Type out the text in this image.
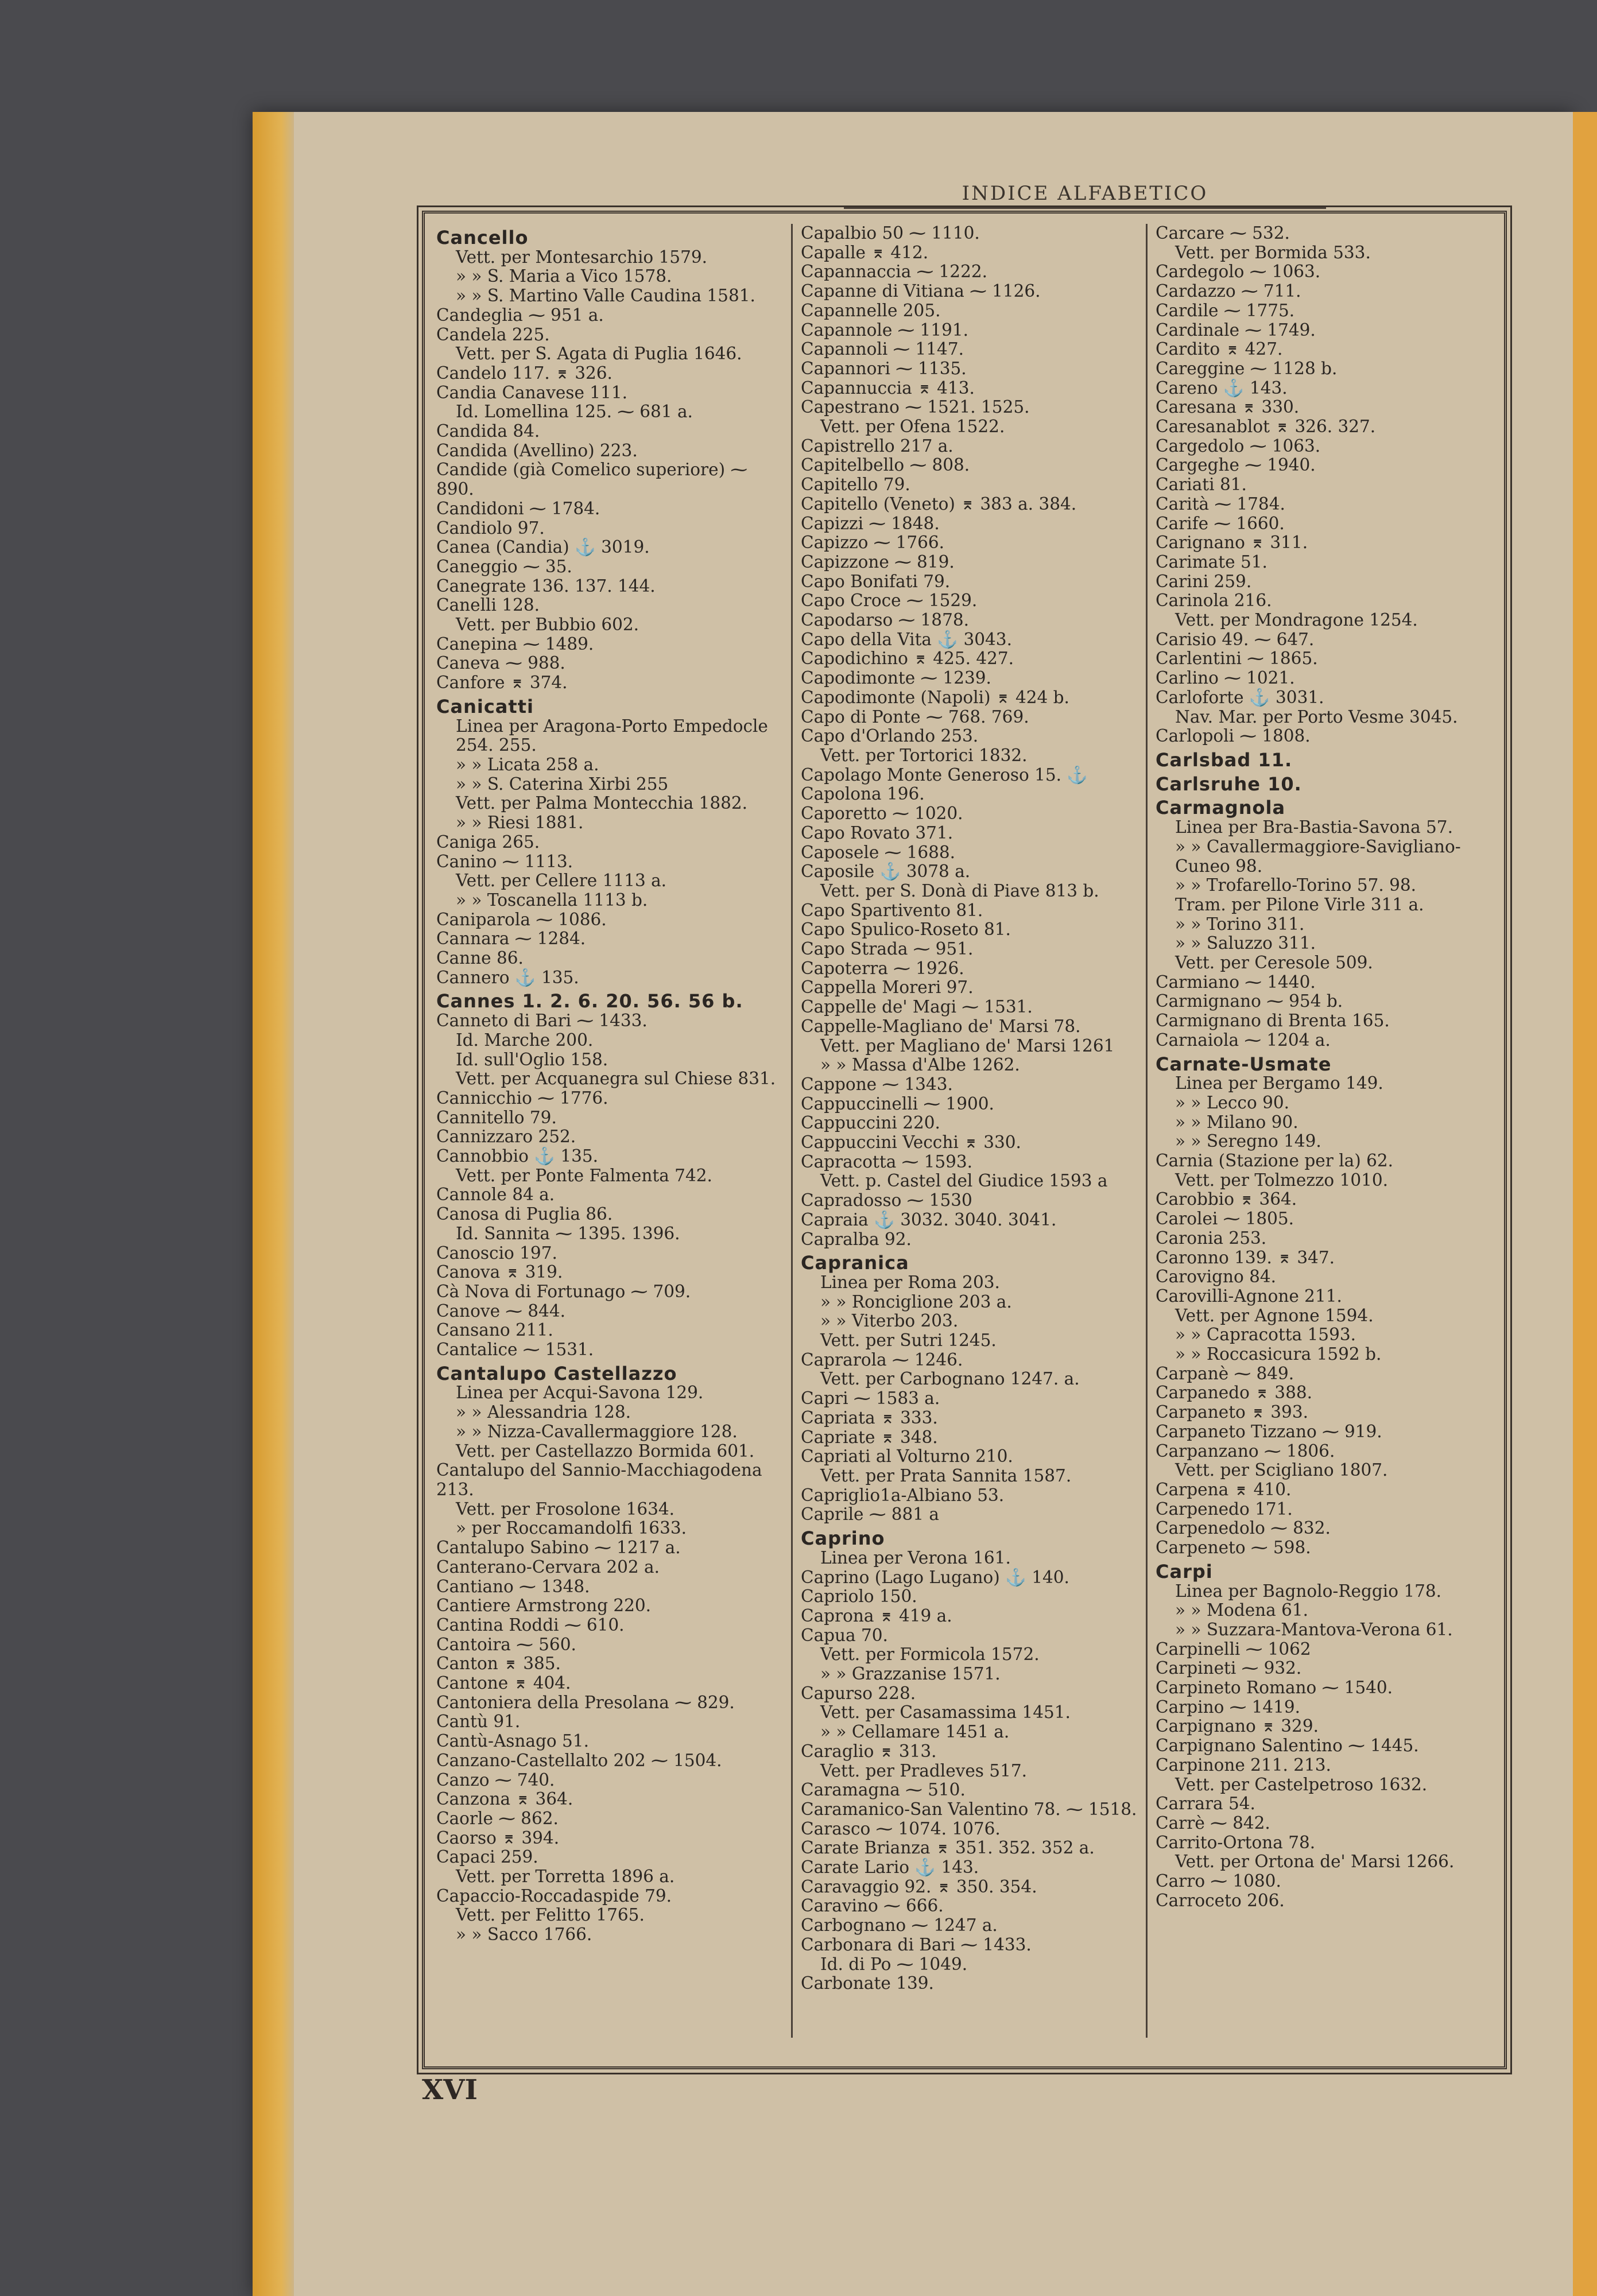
INDICE ALFABETICO
Cancello
Vett. per Montesarchio 1579.
» » S. Maria a Vico 1578.
» » S. Martino Valle Caudina 1581.
Candeglia ⁓ 951 a.
Candela 225.
Vett. per S. Agata di Puglia 1646.
Candelo 117. ⌆ 326.
Candia Canavese 111.
Id. Lomellina 125. ⁓ 681 a.
Candida 84.
Candida (Avellino) 223.
Candide (già Comelico superiore) ⁓ 890.
Candidoni ⁓ 1784.
Candiolo 97.
Canea (Candia) ⚓ 3019.
Caneggio ⁓ 35.
Canegrate 136. 137. 144.
Canelli 128.
Vett. per Bubbio 602.
Canepina ⁓ 1489.
Caneva ⁓ 988.
Canfore ⌆ 374.
Canicatti
Linea per Aragona-Porto Empedocle 254. 255.
» » Licata 258 a.
» » S. Caterina Xirbi 255
Vett. per Palma Montecchia 1882.
» » Riesi 1881.
Caniga 265.
Canino ⁓ 1113.
Vett. per Cellere 1113 a.
» » Toscanella 1113 b.
Caniparola ⁓ 1086.
Cannara ⁓ 1284.
Canne 86.
Cannero ⚓ 135.
Cannes 1. 2. 6. 20. 56. 56 b.
Canneto di Bari ⁓ 1433.
Id. Marche 200.
Id. sull'Oglio 158.
Vett. per Acquanegra sul Chiese 831.
Cannicchio ⁓ 1776.
Cannitello 79.
Cannizzaro 252.
Cannobbio ⚓ 135.
Vett. per Ponte Falmenta 742.
Cannole 84 a.
Canosa di Puglia 86.
Id. Sannita ⁓ 1395. 1396.
Canoscio 197.
Canova ⌆ 319.
Cà Nova di Fortunago ⁓ 709.
Canove ⁓ 844.
Cansano 211.
Cantalice ⁓ 1531.
Cantalupo Castellazzo
Linea per Acqui-Savona 129.
» » Alessandria 128.
» » Nizza-Cavallermaggiore 128.
Vett. per Castellazzo Bormida 601.
Cantalupo del Sannio-Macchiagodena 213.
Vett. per Frosolone 1634.
» per Roccamandolfi 1633.
Cantalupo Sabino ⁓ 1217 a.
Canterano-Cervara 202 a.
Cantiano ⁓ 1348.
Cantiere Armstrong 220.
Cantina Roddi ⁓ 610.
Cantoira ⁓ 560.
Canton ⌆ 385.
Cantone ⌆ 404.
Cantoniera della Presolana ⁓ 829.
Cantù 91.
Cantù-Asnago 51.
Canzano-Castellalto 202 ⁓ 1504.
Canzo ⁓ 740.
Canzona ⌆ 364.
Caorle ⁓ 862.
Caorso ⌆ 394.
Capaci 259.
Vett. per Torretta 1896 a.
Capaccio-Roccadaspide 79.
Vett. per Felitto 1765.
» » Sacco 1766.
Capalbio 50 ⁓ 1110.
Capalle ⌆ 412.
Capannaccia ⁓ 1222.
Capanne di Vitiana ⁓ 1126.
Capannelle 205.
Capannole ⁓ 1191.
Capannoli ⁓ 1147.
Capannori ⁓ 1135.
Capannuccia ⌆ 413.
Capestrano ⁓ 1521. 1525.
Vett. per Ofena 1522.
Capistrello 217 a.
Capitelbello ⁓ 808.
Capitello 79.
Capitello (Veneto) ⌆ 383 a. 384.
Capizzi ⁓ 1848.
Capizzo ⁓ 1766.
Capizzone ⁓ 819.
Capo Bonifati 79.
Capo Croce ⁓ 1529.
Capodarso ⁓ 1878.
Capo della Vita ⚓ 3043.
Capodichino ⌆ 425. 427.
Capodimonte ⁓ 1239.
Capodimonte (Napoli) ⌆ 424 b.
Capo di Ponte ⁓ 768. 769.
Capo d'Orlando 253.
Vett. per Tortorici 1832.
Capolago Monte Generoso 15. ⚓
Capolona 196.
Caporetto ⁓ 1020.
Capo Rovato 371.
Caposele ⁓ 1688.
Caposile ⚓ 3078 a.
Vett. per S. Donà di Piave 813 b.
Capo Spartivento 81.
Capo Spulico-Roseto 81.
Capo Strada ⁓ 951.
Capoterra ⁓ 1926.
Cappella Moreri 97.
Cappelle de' Magi ⁓ 1531.
Cappelle-Magliano de' Marsi 78.
Vett. per Magliano de' Marsi 1261
» » Massa d'Albe 1262.
Cappone ⁓ 1343.
Cappuccinelli ⁓ 1900.
Cappuccini 220.
Cappuccini Vecchi ⌆ 330.
Capracotta ⁓ 1593.
Vett. p. Castel del Giudice 1593 a
Capradosso ⁓ 1530
Capraia ⚓ 3032. 3040. 3041.
Capralba 92.
Capranica
Linea per Roma 203.
» » Ronciglione 203 a.
» » Viterbo 203.
Vett. per Sutri 1245.
Caprarola ⁓ 1246.
Vett. per Carbognano 1247. a.
Capri ⁓ 1583 a.
Capriata ⌆ 333.
Capriate ⌆ 348.
Capriati al Volturno 210.
Vett. per Prata Sannita 1587.
Capriglio1a-Albiano 53.
Caprile ⁓ 881 a
Caprino
Linea per Verona 161.
Caprino (Lago Lugano) ⚓ 140.
Capriolo 150.
Caprona ⌆ 419 a.
Capua 70.
Vett. per Formicola 1572.
» » Grazzanise 1571.
Capurso 228.
Vett. per Casamassima 1451.
» » Cellamare 1451 a.
Caraglio ⌆ 313.
Vett. per Pradleves 517.
Caramagna ⁓ 510.
Caramanico-San Valentino 78. ⁓ 1518.
Carasco ⁓ 1074. 1076.
Carate Brianza ⌆ 351. 352. 352 a.
Carate Lario ⚓ 143.
Caravaggio 92. ⌆ 350. 354.
Caravino ⁓ 666.
Carbognano ⁓ 1247 a.
Carbonara di Bari ⁓ 1433.
Id. di Po ⁓ 1049.
Carbonate 139.
Carcare ⁓ 532.
Vett. per Bormida 533.
Cardegolo ⁓ 1063.
Cardazzo ⁓ 711.
Cardile ⁓ 1775.
Cardinale ⁓ 1749.
Cardito ⌆ 427.
Careggine ⁓ 1128 b.
Careno ⚓ 143.
Caresana ⌆ 330.
Caresanablot ⌆ 326. 327.
Cargedolo ⁓ 1063.
Cargeghe ⁓ 1940.
Cariati 81.
Carità ⁓ 1784.
Carife ⁓ 1660.
Carignano ⌆ 311.
Carimate 51.
Carini 259.
Carinola 216.
Vett. per Mondragone 1254.
Carisio 49. ⁓ 647.
Carlentini ⁓ 1865.
Carlino ⁓ 1021.
Carloforte ⚓ 3031.
Nav. Mar. per Porto Vesme 3045.
Carlopoli ⁓ 1808.
Carlsbad 11.
Carlsruhe 10.
Carmagnola
Linea per Bra-Bastia-Savona 57.
» » Cavallermaggiore-Savigliano-Cuneo 98.
» » Trofarello-Torino 57. 98.
Tram. per Pilone Virle 311 a.
» » Torino 311.
» » Saluzzo 311.
Vett. per Ceresole 509.
Carmiano ⁓ 1440.
Carmignano ⁓ 954 b.
Carmignano di Brenta 165.
Carnaiola ⁓ 1204 a.
Carnate-Usmate
Linea per Bergamo 149.
» » Lecco 90.
» » Milano 90.
» » Seregno 149.
Carnia (Stazione per la) 62.
Vett. per Tolmezzo 1010.
Carobbio ⌆ 364.
Carolei ⁓ 1805.
Caronia 253.
Caronno 139. ⌆ 347.
Carovigno 84.
Carovilli-Agnone 211.
Vett. per Agnone 1594.
» » Capracotta 1593.
» » Roccasicura 1592 b.
Carpanè ⁓ 849.
Carpanedo ⌆ 388.
Carpaneto ⌆ 393.
Carpaneto Tizzano ⁓ 919.
Carpanzano ⁓ 1806.
Vett. per Scigliano 1807.
Carpena ⌆ 410.
Carpenedo 171.
Carpenedolo ⁓ 832.
Carpeneto ⁓ 598.
Carpi
Linea per Bagnolo-Reggio 178.
» » Modena 61.
» » Suzzara-Mantova-Verona 61.
Carpinelli ⁓ 1062
Carpineti ⁓ 932.
Carpineto Romano ⁓ 1540.
Carpino ⁓ 1419.
Carpignano ⌆ 329.
Carpignano Salentino ⁓ 1445.
Carpinone 211. 213.
Vett. per Castelpetroso 1632.
Carrara 54.
Carrè ⁓ 842.
Carrito-Ortona 78.
Vett. per Ortona de' Marsi 1266.
Carro ⁓ 1080.
Carroceto 206.
XVI
